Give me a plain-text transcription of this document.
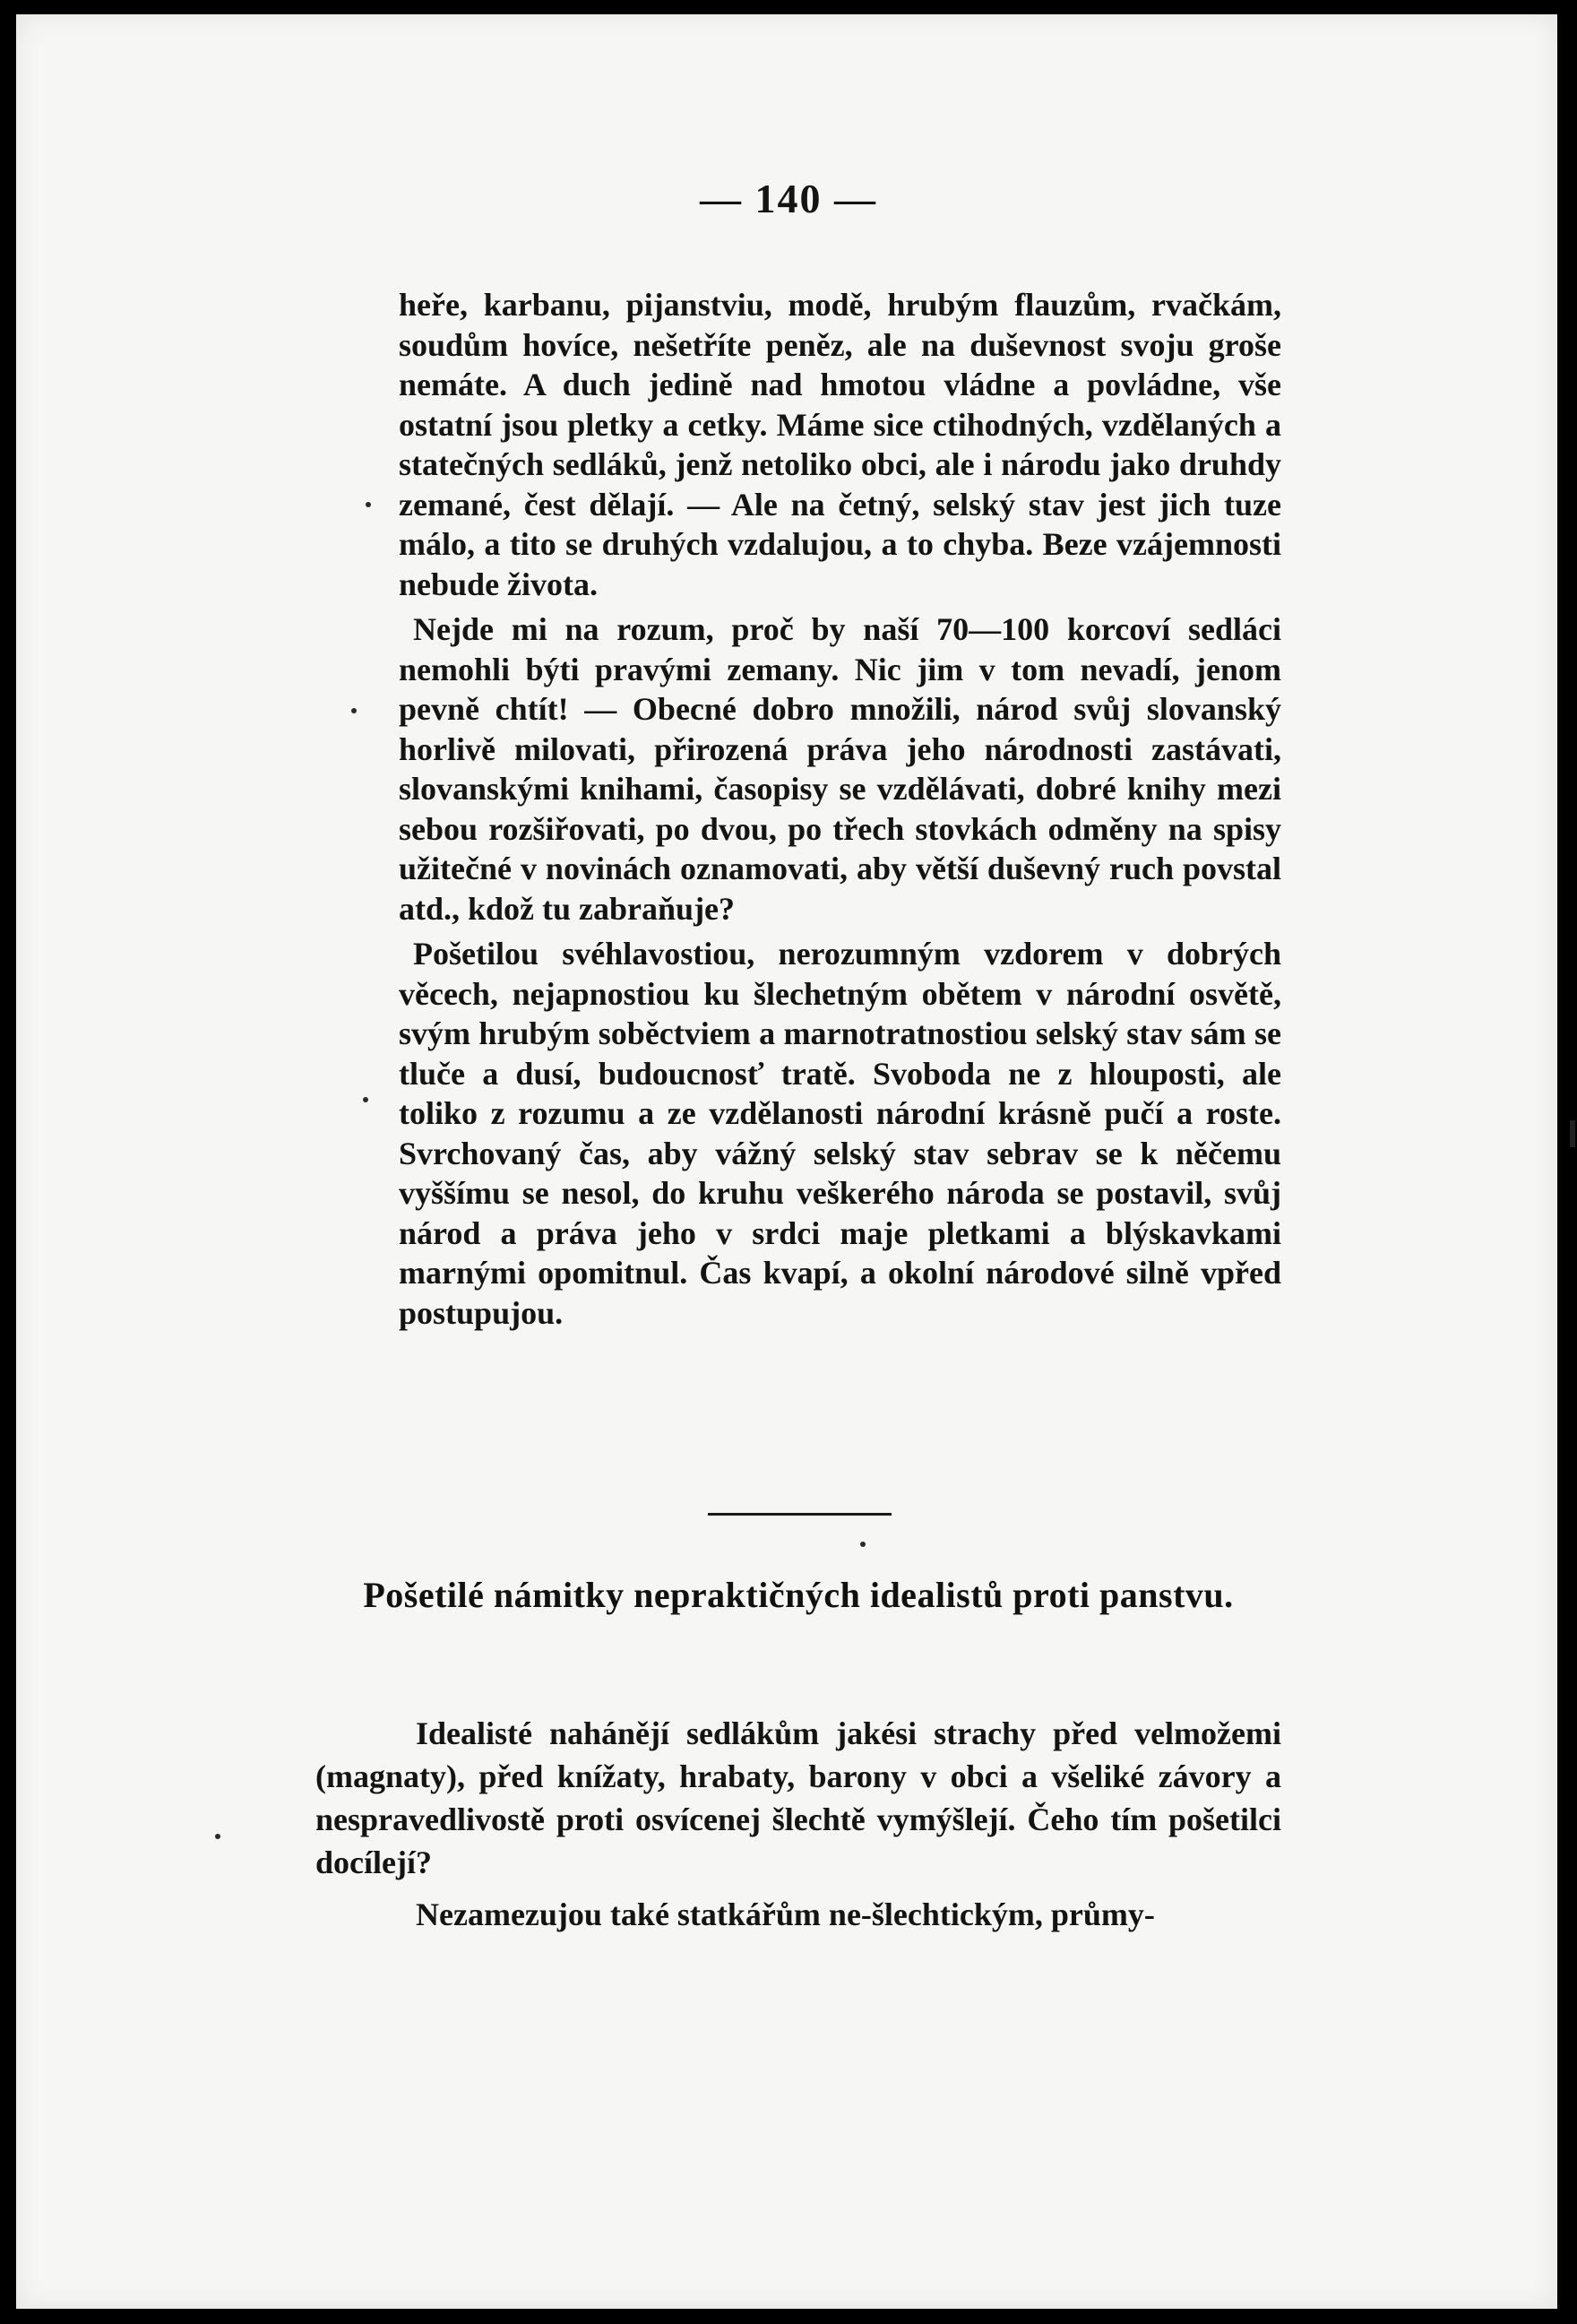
— 140 —

heře, karbanu, pijanstviu, modě, hrubým flauzům, rvačkám, soudům hovíce, nešetříte peněz, ale na duševnost svoju groše nemáte. A duch jedině nad hmotou vládne a povládne, vše ostatní jsou pletky a cetky. Máme sice ctihodných, vzdělaných a statečných sedláků, jenž netoliko obci, ale i národu jako druhdy zemané, čest dělají. — Ale na četný, selský stav jest jich tuze málo, a tito se druhých vzdalujou, a to chyba. Beze vzájemnosti nebude života.

Nejde mi na rozum, proč by naší 70—100 korcoví sedláci nemohli býti pravými zemany. Nic jim v tom nevadí, jenom pevně chtít! — Obecné dobro množili, národ svůj slovanský horlivě milovati, přirozená práva jeho národnosti zastávati, slovanskými knihami, časopisy se vzdělávati, dobré knihy mezi sebou rozšiřovati, po dvou, po třech stovkách odměny na spisy užitečné v novinách oznamovati, aby větší duševný ruch povstal atd., kdož tu zabraňuje?

Pošetilou svéhlavostiou, nerozumným vzdorem v dobrých věcech, nejapnostiou ku šlechetným obětem v národní osvětě, svým hrubým soběctviem a marnotratnostiou selský stav sám se tluče a dusí, budoucnosť tratě. Svoboda ne z hlouposti, ale toliko z rozumu a ze vzdělanosti národní krásně pučí a roste. Svrchovaný čas, aby vážný selský stav sebrav se k něčemu vyššímu se nesol, do kruhu veškerého národa se postavil, svůj národ a práva jeho v srdci maje pletkami a blýskavkami marnými opomitnul. Čas kvapí, a okolní národové silně vpřed postupujou.

Pošetilé námitky nepraktičných idealistů proti panstvu.

Idealisté naháněјí sedlákům jakési strachy před velmožemi (magnaty), před knížaty, hrabaty, barony v obci a všeliké závory a nespravedlivostě proti osvícenej šlechtě vymýšlejí. Čeho tím pošetilci docílejí?

Nezamezujou také statkářům ne-šlechtickým, průmy-
